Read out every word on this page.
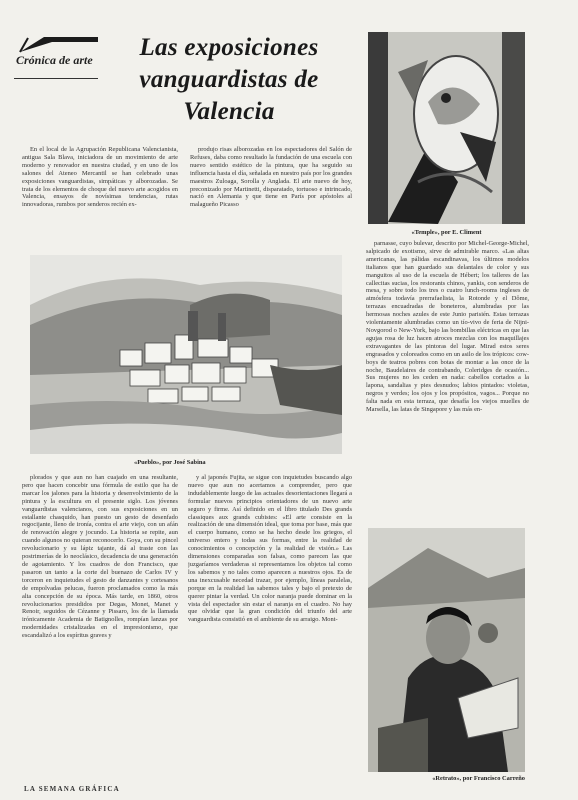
Crónica de arte	Las exposiciones
vanguardistas de
Valencia

En el local de la Agrupación Republicana Valencianista, antigua Sala Blava, iniciadora de un movimiento de arte moderno y renovador en nuestra ciudad, y en uno de los salones del Ateneo Mercantil se han celebrado unas exposiciones vanguardistas, simpáticas y alborozadas. Se trata de los elementos de choque del nuevo arte acogidos en Valencia, ensayos de novísimas tendencias, rutas innovadoras, rumbos por senderos recién ex-

produjo risas alborozadas en los espectadores del Salón de Refuses, daba como resultado la fundación de una escuela con nuevo sentido estético de la pintura, que ha seguido su influencia hasta el día, señalada en nuestro país por los grandes maestros Zuloaga, Sorolla y Anglada. El arte nuevo de hoy, preconizado por Martinetti, disparatado, tortuoso e intrincado, nació en Alemania y que tiene en París por apóstoles al malagueño Picasso

«Temple», por E. Climent
«Pueblo», por José Sabina

parnasse, cuyo bulevar, descrito por Michel-George-Michel, salpicado de exotismo, sirve de admirable marco. «Las altas americanas, las pálidas escandinavas, los últimos modelos italianos que han guardado sus delantales de color y sus manguitos al uso de la escuela de Hébert; los talleres de las callecitas sucias, los restorants chinos, yankis, con senderos de mesa, y sobre todo los tres o cuatro lunch-rooms ingleses de atmósfera todavía prerrafaelista, la Rotonde y el Dôme, terrazas encuadradas de boneteros, alumbradas por las hermosas noches azules de este Junio parisién. Estas terrazas violentamente alumbradas como un tío-vivo de feria de Nijni-Novgorod o New-York, bajo las bombillas eléctricas en que las agujas rosa de luz hacen atroces mezclas con los maquillajes extravagantes de las pintoras del lugar. Mirad estos seres engrasados y coloreados como en un asilo de los trópicos: cow-boys de teatros pobres con botas de montar a las once de la noche, Baudelaires de contrabando, Coleridges de ocasión... Sus mujeres no les ceden en nada: cabellos cortados a la lapona, sandalias y pies desnudos; labios pintados: violetas, negros y verdes; los ojos y los propósitos, vagos... Porque no falta nada en esta terraza, que desafía los viejos muelles de Marsella, las latas de Singapore y las más en-

plorados y que aun no han cuajado en una resultante, pero que hacen concebir una fórmula de estilo que ha de marcar los jalones para la historia y desenvolvimiento de la pintura y la escultura en el presente siglo. Los jóvenes vanguardistas valencianos, con sus exposiciones en un estallante chasquido, han puesto un gesto de desenfado regocijante, lleno de ironía, contra el arte viejo, con un afán de renovación alegre y jocundo. La historia se repite, aun cuando algunos no quieran reconocerlo. Goya, con su pincel revolucionario y su lápiz tajante, dá al traste con las postrimerías de lo neoclásico, decadencia de una generación de agotamiento. Y los cuadros de don Francisco, que pasaron un tanto a la corte del buenazo de Carlos IV y torceron en inquietudes el gesto de danzantes y cortesanos de empolvadas pelucas, fueron proclamados como la más alta concepción de su época. Más tarde, en 1860, otros revolucionarios presididos por Degas, Monet, Manet y Renoir, seguidos de Cézanne y Pissaro, los de la llamada irónicamente Academia de Batignolles, rompían lanzas por modernidades cristalizadas en el impresionismo, que escandalizó a los espíritus graves y

y al japonés Fujita, se sigue con inquietudes buscando algo nuevo que aun no acertamos a comprender, pero que indudablemente luego de las actuales desorientaciones llegará a formular nuevos principios orientadores de un nuevo arte seguro y firme. Así definido en el libro titulado Des grands classiques aux grands cubistes: «El arte consiste en la realización de una dimensión ideal, que toma por base, más que el cuerpo humano, como se ha hecho desde los griegos, el universo entero y todas sus formas, entre la realidad de conocimientos o concepción y la realidad de visión.» Las dimensiones comparadas son falsas, como parecen las que juzgaríamos verdaderas si representamos los objetos tal como los sabemos y no tales como aparecen a nuestros ojos. Es de una inexcusable necedad trazar, por ejemplo, líneas paralelas, porque en la realidad las sabemos tales y bajo el pretexto de querer pintar la verdad. Un color naranja puede dominar en la vista del espectador sin estar el naranja en el cuadro. No hay que olvidar que la gran condición del triunfo del arte vanguardista consistió en el ambiente de su arraigo. Mont-

«Retrato», por Francisco Carreño
LA SEMANA GRÁFICA
